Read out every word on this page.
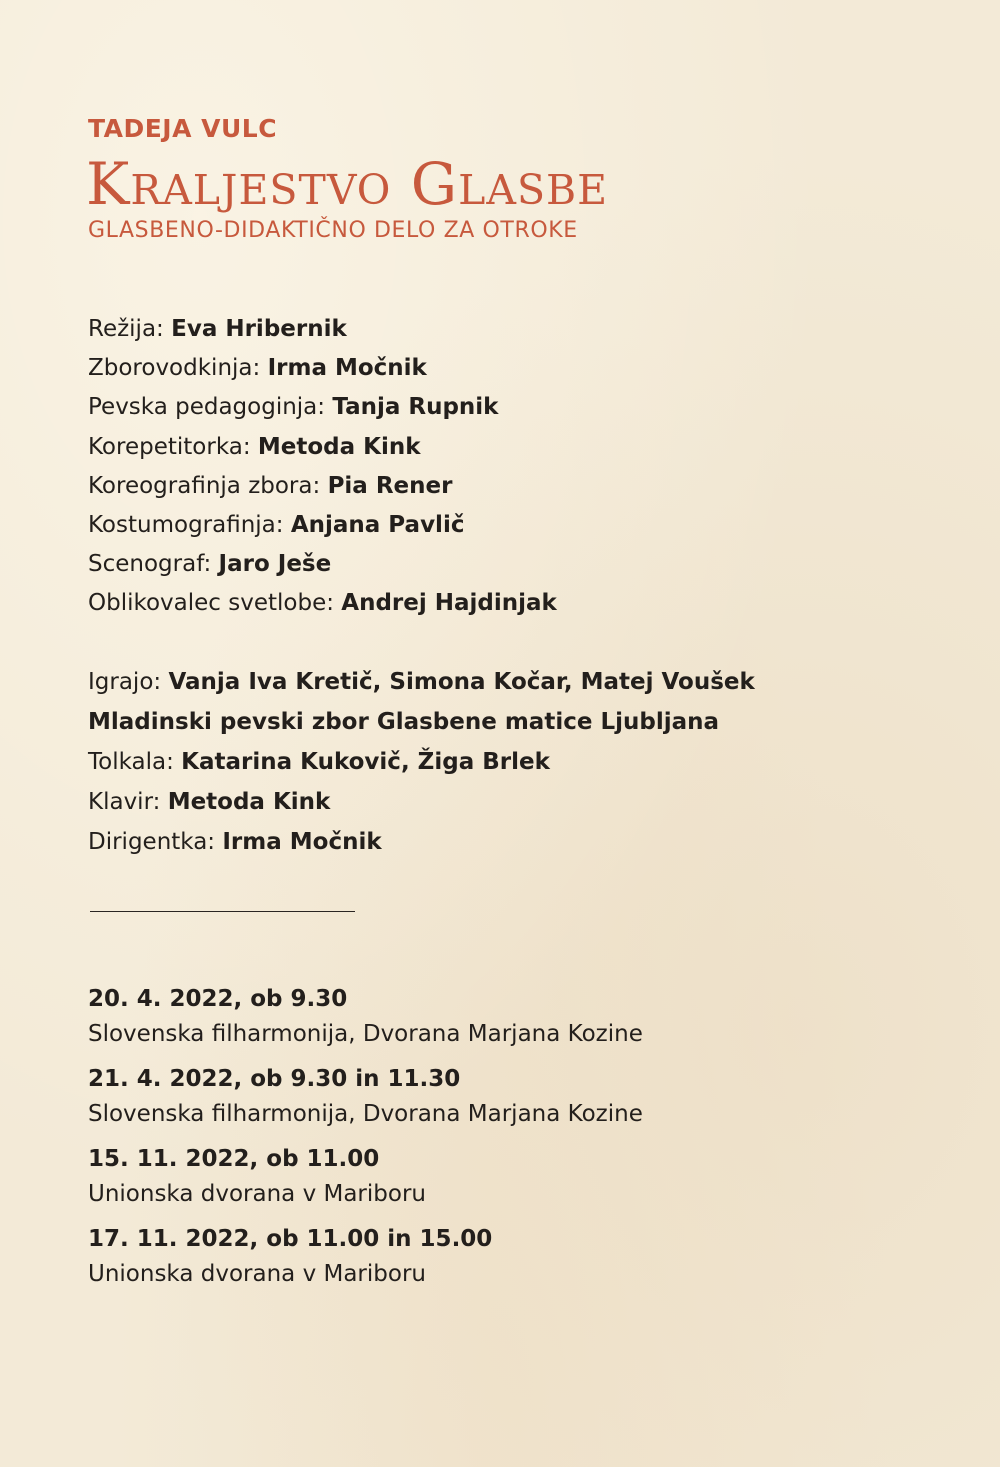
TADEJA VULC
Kraljestvo Glasbe

GLASBENO-DIDAKTIČNO DELO ZA OTROKE

Režija: Eva Hribernik
Zborovodkinja: Irma Močnik
Pevska pedagoginja: Tanja Rupnik
Korepetitorka: Metoda Kink
Koreografinja zbora: Pia Rener
Kostumografinja: Anjana Pavlič
Scenograf: Jaro Ješe
Oblikovalec svetlobe: Andrej Hajdinjak
Igrajo: Vanja Iva Kretič, Simona Kočar, Matej Voušek
Mladinski pevski zbor Glasbene matice Ljubljana
Tolkala: Katarina Kukovič, Žiga Brlek
Klavir: Metoda Kink
Dirigentka: Irma Močnik
20. 4. 2022, ob 9.30
Slovenska filharmonija, Dvorana Marjana Kozine
21. 4. 2022, ob 9.30 in 11.30
Slovenska filharmonija, Dvorana Marjana Kozine
15. 11. 2022, ob 11.00
Unionska dvorana v Mariboru
17. 11. 2022, ob 11.00 in 15.00
Unionska dvorana v Mariboru
